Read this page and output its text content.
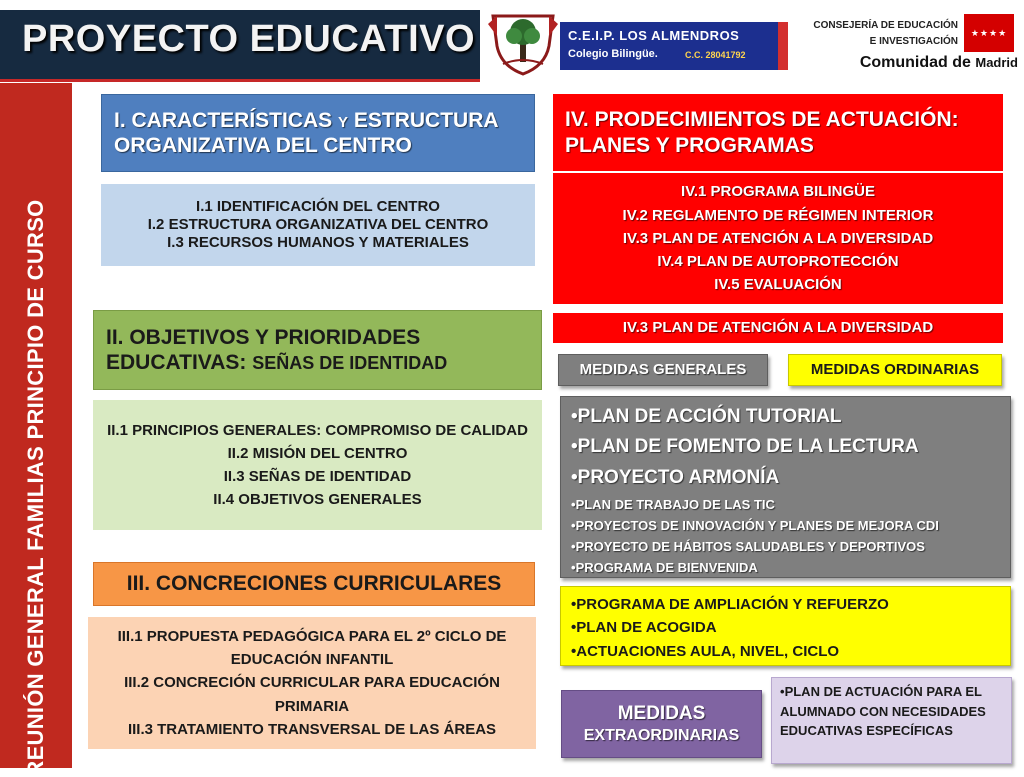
PROYECTO EDUCATIVO
REUNIÓN GENERAL FAMILIAS PRINCIPIO DE CURSO
C.E.I.P. LOS ALMENDROS
Colegio Bilingüe.	C.C. 28041792
CONSEJERÍA DE EDUCACIÓN
E INVESTIGACIÓN
Comunidad de Madrid
★★★★
I. CARACTERÍSTICAS Y ESTRUCTURA ORGANIZATIVA DEL CENTRO
I.1 IDENTIFICACIÓN DEL CENTRO
I.2 ESTRUCTURA ORGANIZATIVA DEL CENTRO
I.3 RECURSOS HUMANOS Y MATERIALES
II. OBJETIVOS Y PRIORIDADES EDUCATIVAS: SEÑAS DE IDENTIDAD
II.1 PRINCIPIOS GENERALES: COMPROMISO DE CALIDAD
II.2 MISIÓN DEL CENTRO
II.3 SEÑAS DE IDENTIDAD
II.4 OBJETIVOS GENERALES
III. CONCRECIONES CURRICULARES
III.1 PROPUESTA PEDAGÓGICA PARA EL 2º CICLO DE EDUCACIÓN INFANTIL
III.2 CONCRECIÓN CURRICULAR PARA EDUCACIÓN PRIMARIA
III.3 TRATAMIENTO TRANSVERSAL DE LAS ÁREAS
IV. PRODECIMIENTOS DE ACTUACIÓN: PLANES Y PROGRAMAS
IV.1 PROGRAMA BILINGÜE
IV.2 REGLAMENTO DE RÉGIMEN INTERIOR
IV.3 PLAN DE ATENCIÓN A LA DIVERSIDAD
IV.4 PLAN DE AUTOPROTECCIÓN
IV.5 EVALUACIÓN
IV.3 PLAN DE ATENCIÓN A LA DIVERSIDAD
MEDIDAS GENERALES	MEDIDAS ORDINARIAS
• PLAN DE ACCIÓN TUTORIAL
• PLAN DE FOMENTO DE LA LECTURA
• PROYECTO ARMONÍA
• PLAN DE TRABAJO DE LAS TIC
• PROYECTOS DE INNOVACIÓN Y PLANES DE MEJORA CDI
• PROYECTO DE HÁBITOS SALUDABLES Y DEPORTIVOS
• PROGRAMA DE BIENVENIDA
• PROGRAMA DE AMPLIACIÓN Y REFUERZO
• PLAN DE ACOGIDA
• ACTUACIONES AULA, NIVEL, CICLO
MEDIDAS
EXTRAORDINARIAS
• PLAN DE ACTUACIÓN PARA EL ALUMNADO CON NECESIDADES EDUCATIVAS ESPECÍFICAS
